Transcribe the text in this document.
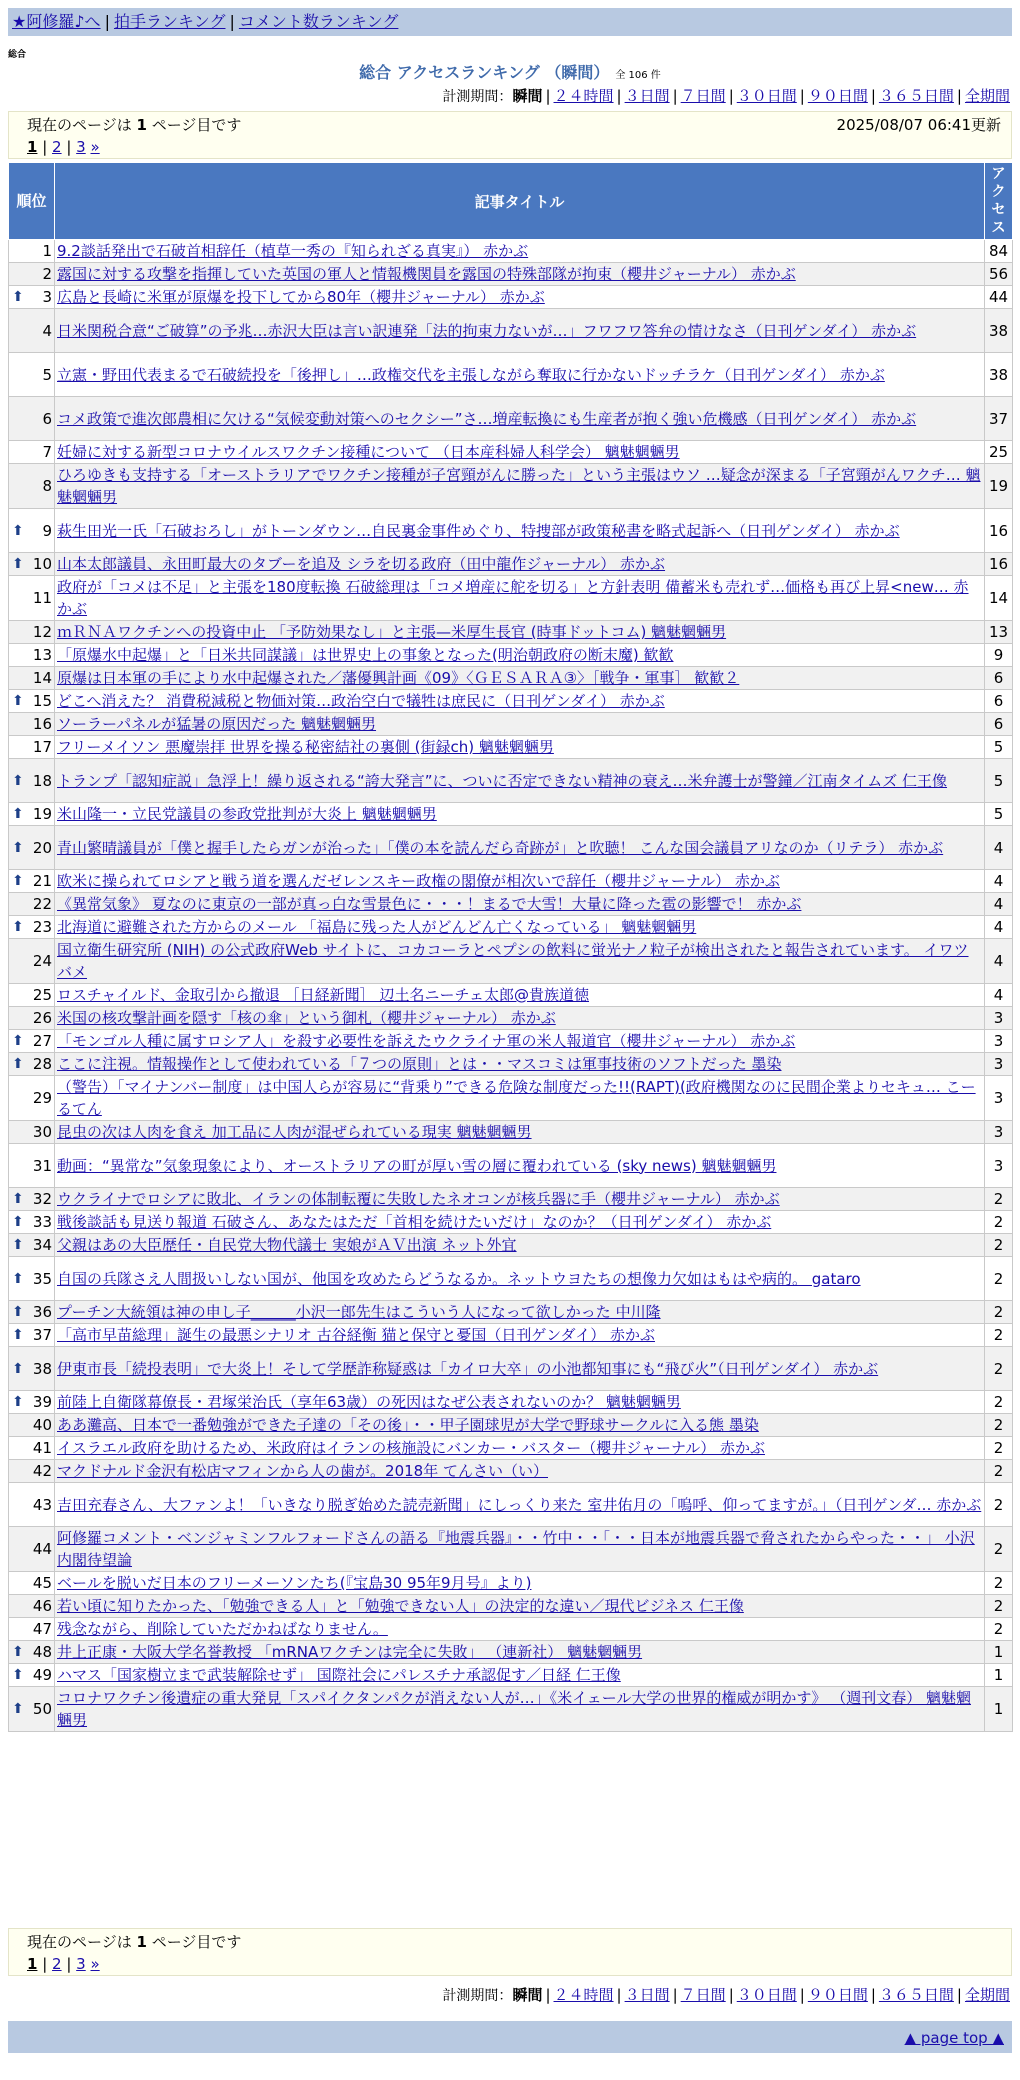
★阿修羅♪へ | 拍手ランキング | コメント数ランキング
総合
総合 アクセスランキング （瞬間） 全 106 件
計測期間：瞬間 | ２４時間 | ３日間 | ７日間 | ３０日間 | ９０日間 | ３６５日間 | 全期間
現在のページは 1 ページ目です	2025/08/07 06:41更新
1 | 2 | 3 »
順位	記事タイトル	アクセス
1	9.2談話発出で石破首相辞任（植草一秀の『知られざる真実』） 赤かぶ	84
2	露国に対する攻撃を指揮していた英国の軍人と情報機関員を露国の特殊部隊が拘束（櫻井ジャーナル） 赤かぶ	56

⬆ 3	広島と長崎に米軍が原爆を投下してから80年（櫻井ジャーナル） 赤かぶ	44
4	日米関税合意“ご破算”の予兆…赤沢大臣は言い訳連発「法的拘束力ないが…」フワフワ答弁の情けなさ（日刊ゲンダイ） 赤かぶ	38
5	立憲・野田代表まるで石破続投を「後押し」…政権交代を主張しながら奪取に行かないドッチラケ（日刊ゲンダイ） 赤かぶ	38
6	コメ政策で進次郎農相に欠ける“気候変動対策へのセクシー”さ…増産転換にも生産者が抱く強い危機感（日刊ゲンダイ） 赤かぶ	37
7	妊婦に対する新型コロナウイルスワクチン接種について （日本産科婦人科学会） 魑魅魍魎男	25
8	ひろゆきも支持する「オーストラリアでワクチン接種が子宮頸がんに勝った」という主張はウソ …疑念が深まる「子宮頸がんワクチ… 魑魅魍魎男	19

⬆ 9	萩生田光一氏「石破おろし」がトーンダウン…自民裏金事件めぐり、特捜部が政策秘書を略式起訴へ（日刊ゲンダイ） 赤かぶ	16

⬆ 10	山本太郎議員、永田町最大のタブーを追及 シラを切る政府（田中龍作ジャーナル） 赤かぶ	16
11	政府が「コメは不足」と主張を180度転換 石破総理は「コメ増産に舵を切る」と方針表明 備蓄米も売れず…価格も再び上昇<new… 赤かぶ	14
12	ｍＲＮＡワクチンへの投資中止 「予防効果なし」と主張—米厚生長官 (時事ドットコム) 魑魅魍魎男	13
13	「原爆水中起爆」と「日米共同謀議」は世界史上の事象となった(明治朝政府の断末魔) 歓歓	9
14	原爆は日本軍の手により水中起爆された／藩優興計画《09》〈ＧＥＳＡＲＡ③〉［戦争・軍事］ 歓歓２	6

⬆ 15	どこへ消えた？ 消費税減税と物価対策…政治空白で犠牲は庶民に（日刊ゲンダイ） 赤かぶ	6
16	ソーラーパネルが猛暑の原因だった 魑魅魍魎男	6
17	フリーメイソン 悪魔崇拝 世界を操る秘密結社の裏側 (街録ch) 魑魅魍魎男	5

⬆ 18	トランプ「認知症説」急浮上！繰り返される“誇大発言”に、ついに否定できない精神の衰え…米弁護士が警鐘／江南タイムズ 仁王像	5

⬆ 19	米山隆一・立民党議員の参政党批判が大炎上 魑魅魍魎男	5

⬆ 20	青山繁晴議員が「僕と握手したらガンが治った」「僕の本を読んだら奇跡が」と吹聴！ こんな国会議員アリなのか（リテラ） 赤かぶ	4

⬆ 21	欧米に操られてロシアと戦う道を選んだゼレンスキー政権の閣僚が相次いで辞任（櫻井ジャーナル） 赤かぶ	4
22	《異常気象》 夏なのに東京の一部が真っ白な雪景色に・・・！まるで大雪！大量に降った雹の影響で！ 赤かぶ	4

⬆ 23	北海道に避難された方からのメール 「福島に残った人がどんどん亡くなっている」 魑魅魍魎男	4
24	国立衛生研究所 (NIH) の公式政府Web サイトに、コカコーラとペプシの飲料に蛍光ナノ粒子が検出されたと報告されています。 イワツバメ	4
25	ロスチャイルド、金取引から撤退 ［日経新聞］ 辺土名ニーチェ太郎@貴族道徳	4
26	米国の核攻撃計画を隠す「核の傘」という御札（櫻井ジャーナル） 赤かぶ	3

⬆ 27	「モンゴル人種に属すロシア人」を殺す必要性を訴えたウクライナ軍の米人報道官（櫻井ジャーナル） 赤かぶ	3

⬆ 28	ここに注視。情報操作として使われている「７つの原則」とは・・マスコミは軍事技術のソフトだった 墨染	3
29	（警告）「マイナンバー制度」は中国人らが容易に“背乗り”できる危険な制度だった!!(RAPT)(政府機関なのに民間企業よりセキュ… こーるてん	3
30	昆虫の次は人肉を食え 加工品に人肉が混ぜられている現実 魑魅魍魎男	3
31	動画：“異常な”気象現象により、オーストラリアの町が厚い雪の層に覆われている (sky news) 魑魅魍魎男	3

⬆ 32	ウクライナでロシアに敗北、イランの体制転覆に失敗したネオコンが核兵器に手（櫻井ジャーナル） 赤かぶ	2

⬆ 33	戦後談話も見送り報道 石破さん、あなたはただ「首相を続けたいだけ」なのか？（日刊ゲンダイ） 赤かぶ	2

⬆ 34	父親はあの大臣歴任・自民党大物代議士 実娘がＡＶ出演 ネット外宜	2

⬆ 35	自国の兵隊さえ人間扱いしない国が、他国を攻めたらどうなるか。ネットウヨたちの想像力欠如はもはや病的。 gataro	2

⬆ 36	プーチン大統領は神の申し子______小沢一郎先生はこういう人になって欲しかった 中川隆	2

⬆ 37	「高市早苗総理」誕生の最悪シナリオ 古谷経衡 猫と保守と憂国（日刊ゲンダイ） 赤かぶ	2

⬆ 38	伊東市長「続投表明」で大炎上！そして学歴詐称疑惑は「カイロ大卒」の小池都知事にも“飛び火”（日刊ゲンダイ） 赤かぶ	2

⬆ 39	前陸上自衛隊幕僚長・君塚栄治氏（享年63歳）の死因はなぜ公表されないのか？ 魑魅魍魎男	2
40	ああ灘高、日本で一番勉強ができた子達の「その後」・・甲子園球児が大学で野球サークルに入る態 墨染	2
41	イスラエル政府を助けるため、米政府はイランの核施設にバンカー・バスター（櫻井ジャーナル） 赤かぶ	2
42	マクドナルド金沢有松店マフィンから人の歯が。2018年 てんさい（い）	2
43	吉田充春さん、大ファンよ！「いきなり脱ぎ始めた読売新聞」にしっくり来た 室井佑月の「嗚呼、仰ってますが。」（日刊ゲンダ… 赤かぶ	2
44	阿修羅コメント・ベンジャミンフルフォードさんの語る『地震兵器』・・竹中・・「・・日本が地震兵器で脅されたからやった・・」 小沢内閣待望論	2
45	ベールを脱いだ日本のフリーメーソンたち(『宝島30 95年9月号』より)	2
46	若い頃に知りたかった、「勉強できる人」と「勉強できない人」の決定的な違い／現代ビジネス 仁王像	2
47	残念ながら、削除していただかねばなりません。	2

⬆ 48	井上正康・大阪大学名誉教授 「mRNAワクチンは完全に失敗」 （連新社） 魑魅魍魎男	1

⬆ 49	ハマス「国家樹立まで武装解除せず」 国際社会にパレスチナ承認促す／日経 仁王像	1

⬆ 50	コロナワクチン後遺症の重大発見「スパイクタンパクが消えない人が…」《米イェール大学の世界的権威が明かす》 （週刊文春） 魑魅魍魎男	1
現在のページは 1 ページ目です
1 | 2 | 3 »
計測期間：瞬間 | ２４時間 | ３日間 | ７日間 | ３０日間 | ９０日間 | ３６５日間 | 全期間
▲ page top ▲
